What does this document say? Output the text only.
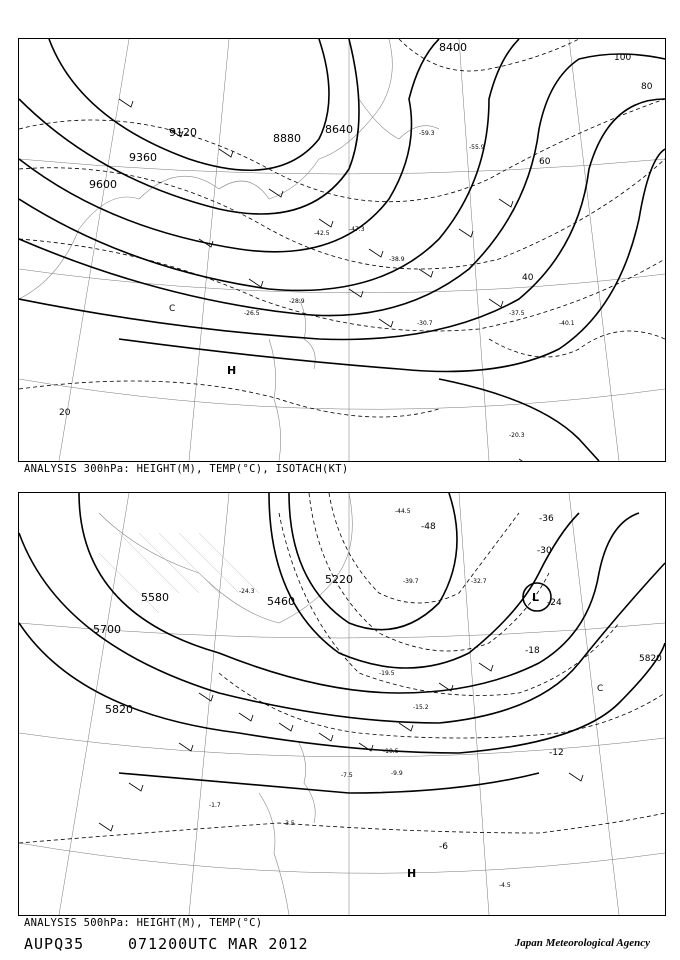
8400
8640
8880
9120
9360
9600
100
80
60
40
20
H
C
-59.3
-55.9
-47.3
-42.5
-38.9
-30.7
-28.9
-26.5
-20.3
-37.5
-40.1
ANALYSIS 300hPa: HEIGHT(M), TEMP(°C), ISOTACH(KT)
5220
5460
5580
5700
5820
5820
-48
-36
-30
-24
-18
-12
-6
L
H
C
-44.5
-39.7	-32.7
-24.3
-19.5
-15.2
-10.5
-9.9
-7.5
-3.5
-1.7
-4.5
ANALYSIS 500hPa: HEIGHT(M), TEMP(°C)
AUPQ35	071200UTC MAR 2012	Japan Meteorological Agency
